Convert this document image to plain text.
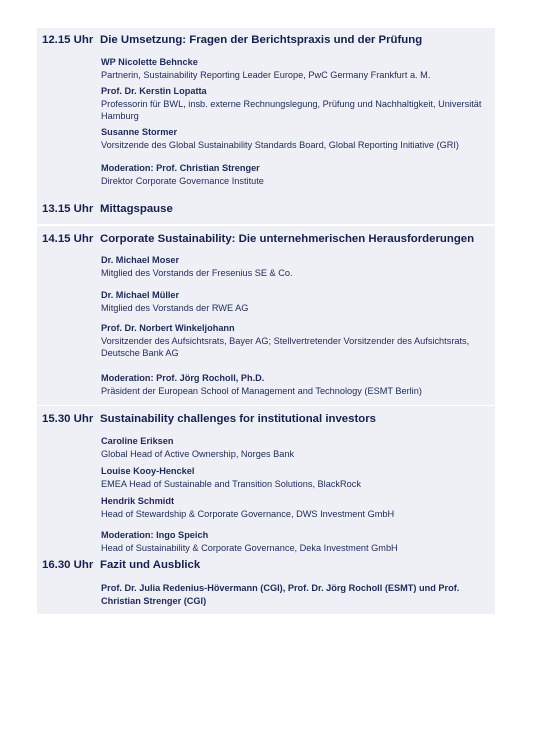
12.15 Uhr Die Umsetzung: Fragen der Berichtspraxis und der Prüfung
WP Nicolette Behncke
Partnerin, Sustainability Reporting Leader Europe, PwC Germany Frankfurt a. M.
Prof. Dr. Kerstin Lopatta
Professorin für BWL, insb. externe Rechnungslegung, Prüfung und Nachhaltigkeit, Universität Hamburg
Susanne Stormer
Vorsitzende des Global Sustainability Standards Board, Global Reporting Initiative (GRI)
Moderation: Prof. Christian Strenger
Direktor Corporate Governance Institute
13.15 Uhr Mittagspause
14.15 Uhr Corporate Sustainability: Die unternehmerischen Herausforderungen
Dr. Michael Moser
Mitglied des Vorstands der Fresenius SE & Co.
Dr. Michael Müller
Mitglied des Vorstands der RWE AG
Prof. Dr. Norbert Winkeljohann
Vorsitzender des Aufsichtsrats, Bayer AG; Stellvertretender Vorsitzender des Aufsichtsrats, Deutsche Bank AG
Moderation: Prof. Jörg Rocholl, Ph.D.
Präsident der European School of Management and Technology (ESMT Berlin)
15.30 Uhr Sustainability challenges for institutional investors
Caroline Eriksen
Global Head of Active Ownership, Norges Bank
Louise Kooy-Henckel
EMEA Head of Sustainable and Transition Solutions, BlackRock
Hendrik Schmidt
Head of Stewardship & Corporate Governance, DWS Investment GmbH
Moderation: Ingo Speich
Head of Sustainability & Corporate Governance, Deka Investment GmbH
16.30 Uhr Fazit und Ausblick
Prof. Dr. Julia Redenius-Hövermann (CGI), Prof. Dr. Jörg Rocholl (ESMT) und Prof. Christian Strenger (CGI)
